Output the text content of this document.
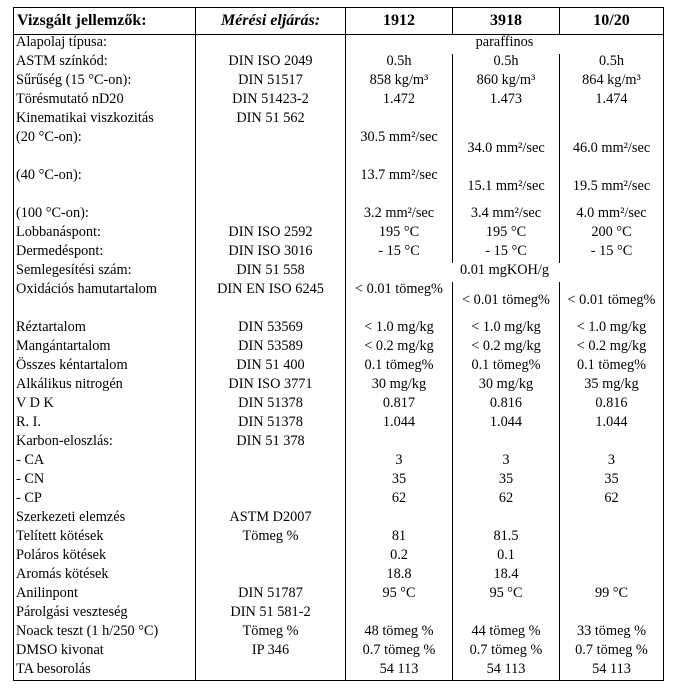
Vizsgált jellemzők:	Mérési eljárás:	1912	3918	10/20
Alapolaj típusa:		paraffinos		
ASTM színkód:	DIN ISO 2049	0.5h	0.5h	0.5h
Sűrűség (15 °C-on):	DIN 51517	858 kg/m³	860 kg/m³	864 kg/m³
Törésmutató nD20	DIN 51423-2	1.472	1.473	1.474
Kinematikai viszkozitás	DIN 51 562			
(20 °C-on):		30.5 mm²/sec	34.0 mm²/sec	46.0 mm²/sec
(40 °C-on):		13.7 mm²/sec	15.1 mm²/sec	19.5 mm²/sec
(100 °C-on):		3.2 mm²/sec	3.4 mm²/sec	4.0 mm²/sec
Lobbanáspont:	DIN ISO 2592	195 °C	195 °C	200 °C
Dermedéspont:	DIN ISO 3016	- 15 °C	- 15 °C	- 15 °C
Semlegesítési szám:	DIN 51 558	0.01 mgKOH/g		
Oxidációs hamutartalom	DIN EN ISO 6245	< 0.01 tömeg%	< 0.01 tömeg%	< 0.01 tömeg%
Réztartalom	DIN 53569	< 1.0 mg/kg	< 1.0 mg/kg	< 1.0 mg/kg
Mangántartalom	DIN 53589	< 0.2 mg/kg	< 0.2 mg/kg	< 0.2 mg/kg
Összes kéntartalom	DIN 51 400	0.1 tömeg%	0.1 tömeg%	0.1 tömeg%
Alkálikus nitrogén	DIN ISO 3771	30 mg/kg	30 mg/kg	35 mg/kg
V D K	DIN 51378	0.817	0.816	0.816
R. I.	DIN 51378	1.044	1.044	1.044
Karbon-eloszlás:	DIN 51 378			
- CA		3	3	3
- CN		35	35	35
- CP		62	62	62
Szerkezeti elemzés	ASTM D2007			
Telített kötések	Tömeg %	81	81.5	
Poláros kötések		0.2	0.1	
Aromás kötések		18.8	18.4	
Anilinpont	DIN 51787	95 °C	95 °C	99 °C
Párolgási veszteség	DIN 51 581-2			
Noack teszt (1 h/250 °C)	Tömeg %	48 tömeg %	44 tömeg %	33 tömeg %
DMSO kivonat	IP 346	0.7 tömeg %	0.7 tömeg %	0.7 tömeg %
TA besorolás		54 113	54 113	54 113
